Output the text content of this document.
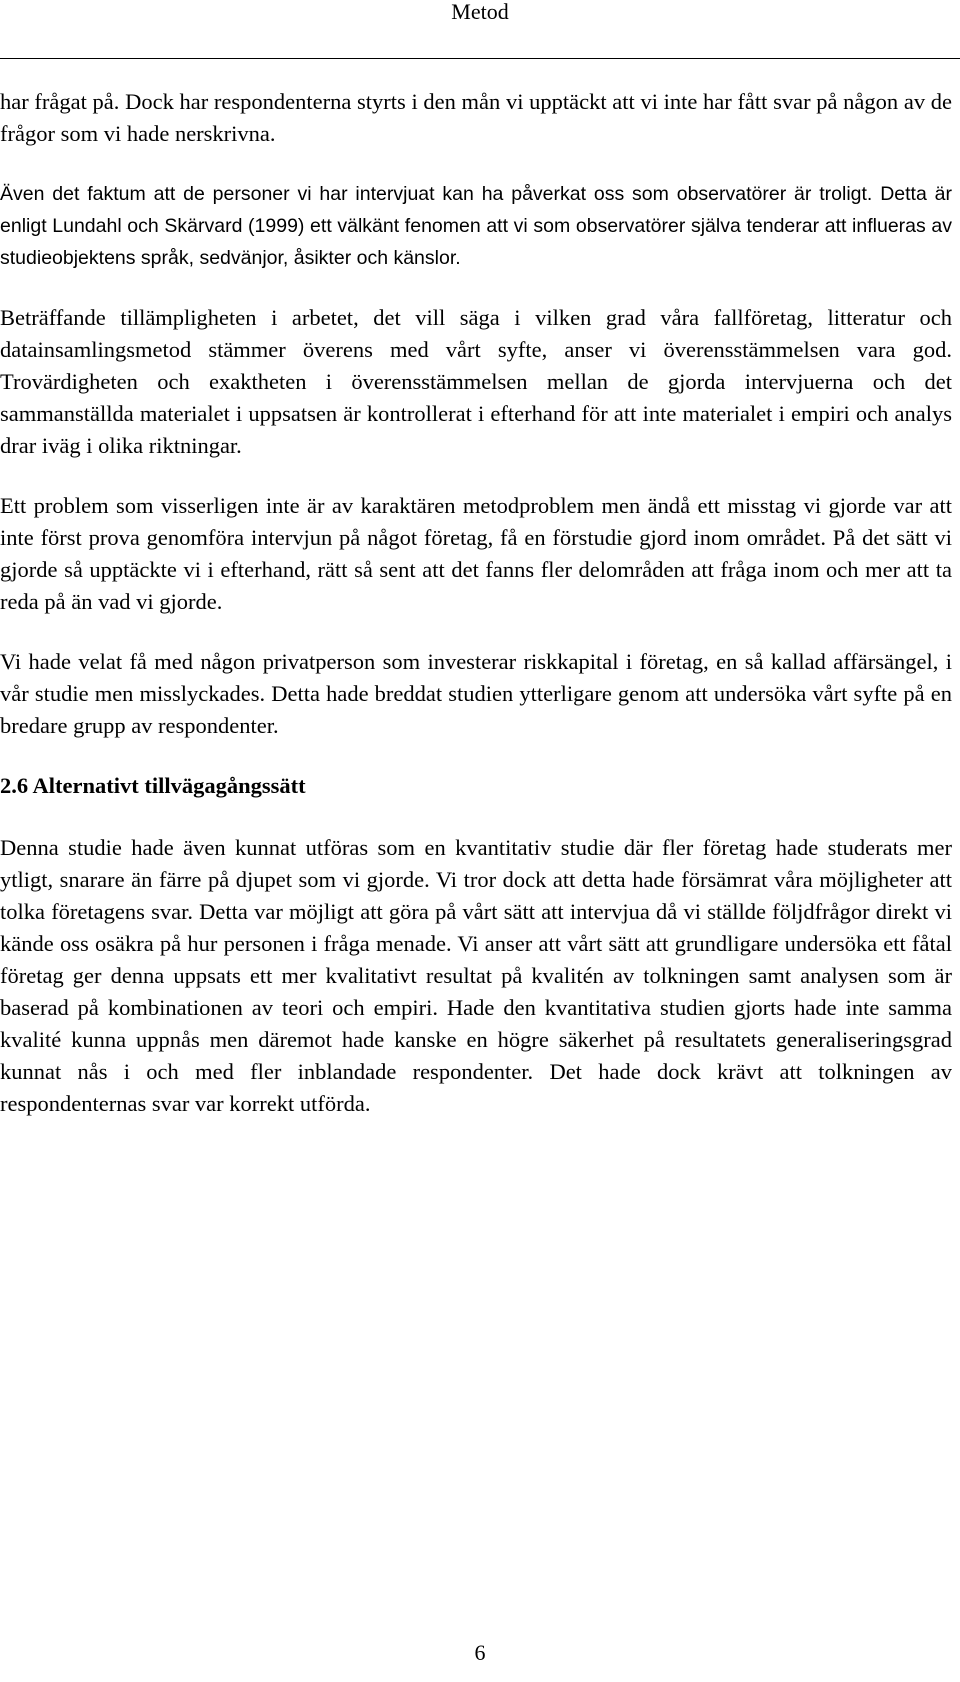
Metod

har frågat på. Dock har respondenterna styrts i den mån vi upptäckt att vi inte har fått svar på någon av de frågor som vi hade nerskrivna.

Även det faktum att de personer vi har intervjuat kan ha påverkat oss som observatörer är troligt. Detta är enligt Lundahl och Skärvard (1999) ett välkänt fenomen att vi som observatörer själva tenderar att influeras av studieobjektens språk, sedvänjor, åsikter och känslor.

Beträffande tillämpligheten i arbetet, det vill säga i vilken grad våra fallföretag, litteratur och datainsamlingsmetod stämmer överens med vårt syfte, anser vi överensstämmelsen vara god. Trovärdigheten och exaktheten i överensstämmelsen mellan de gjorda intervjuerna och det sammanställda materialet i uppsatsen är kontrollerat i efterhand för att inte materialet i empiri och analys drar iväg i olika riktningar.

Ett problem som visserligen inte är av karaktären metodproblem men ändå ett misstag vi gjorde var att inte först prova genomföra intervjun på något företag, få en förstudie gjord inom området. På det sätt vi gjorde så upptäckte vi i efterhand, rätt så sent att det fanns fler delområden att fråga inom och mer att ta reda på än vad vi gjorde.

Vi hade velat få med någon privatperson som investerar riskkapital i företag, en så kallad affärsängel, i vår studie men misslyckades. Detta hade breddat studien ytterligare genom att undersöka vårt syfte på en bredare grupp av respondenter.

2.6 Alternativt tillvägagångssätt

Denna studie hade även kunnat utföras som en kvantitativ studie där fler företag hade studerats mer ytligt, snarare än färre på djupet som vi gjorde. Vi tror dock att detta hade försämrat våra möjligheter att tolka företagens svar. Detta var möjligt att göra på vårt sätt att intervjua då vi ställde följdfrågor direkt vi kände oss osäkra på hur personen i fråga menade. Vi anser att vårt sätt att grundligare undersöka ett fåtal företag ger denna uppsats ett mer kvalitativt resultat på kvalitén av tolkningen samt analysen som är baserad på kombinationen av teori och empiri. Hade den kvantitativa studien gjorts hade inte samma kvalité kunna uppnås men däremot hade kanske en högre säkerhet på resultatets generaliseringsgrad kunnat nås i och med fler inblandade respondenter. Det hade dock krävt att tolkningen av respondenternas svar var korrekt utförda.

6
